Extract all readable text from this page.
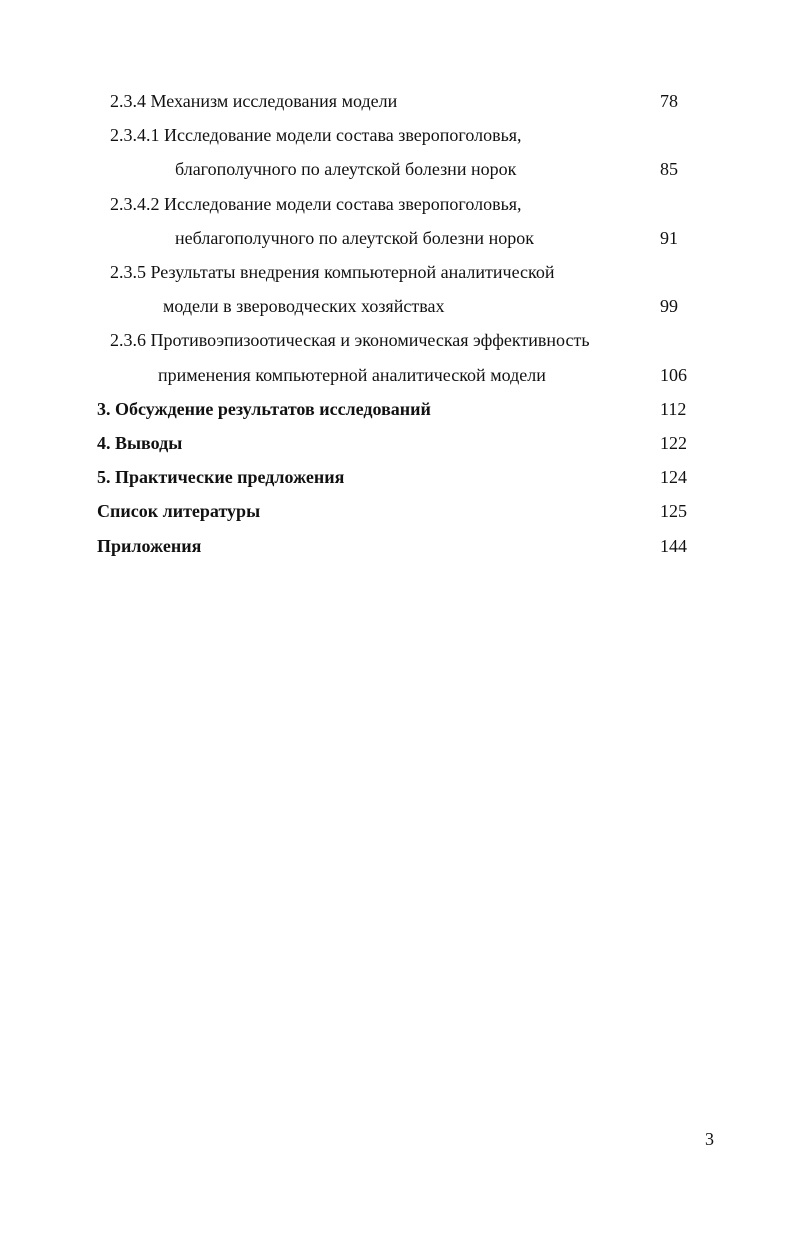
2.3.4 Механизм исследования модели	78
2.3.4.1 Исследование модели состава зверопоголовья,
благополучного по алеутской болезни норок	85
2.3.4.2 Исследование модели состава зверопоголовья,
неблагополучного по алеутской болезни норок	91
2.3.5 Результаты внедрения компьютерной аналитической
модели в звероводческих хозяйствах	99
2.3.6 Противоэпизоотическая и экономическая эффективность
применения компьютерной аналитической модели	106
3. Обсуждение результатов исследований	112
4. Выводы	122
5. Практические предложения	124
Список литературы	125
Приложения	144
3
